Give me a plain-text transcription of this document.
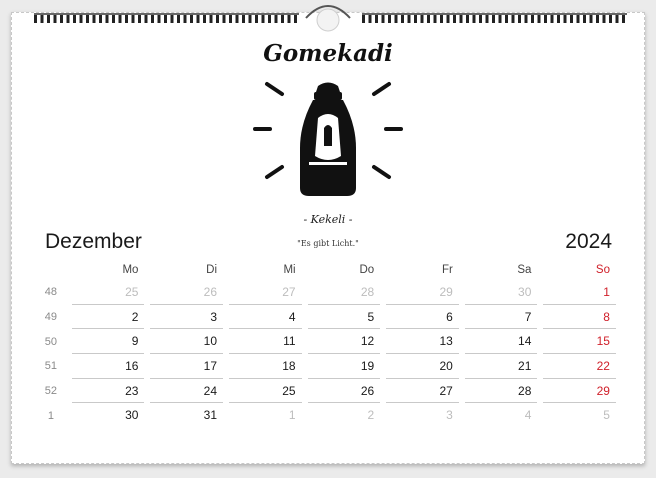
Gomekadi
- Kekeli -
"Es gibt Licht."
Dezember	2024
Mo	Di	Mi	Do	Fr	Sa	So
48	25	26	27	28	29	30	1
49	2	3	4	5	6	7	8
50	9	10	11	12	13	14	15
51	16	17	18	19	20	21	22
52	23	24	25	26	27	28	29
1	30	31	1	2	3	4	5
